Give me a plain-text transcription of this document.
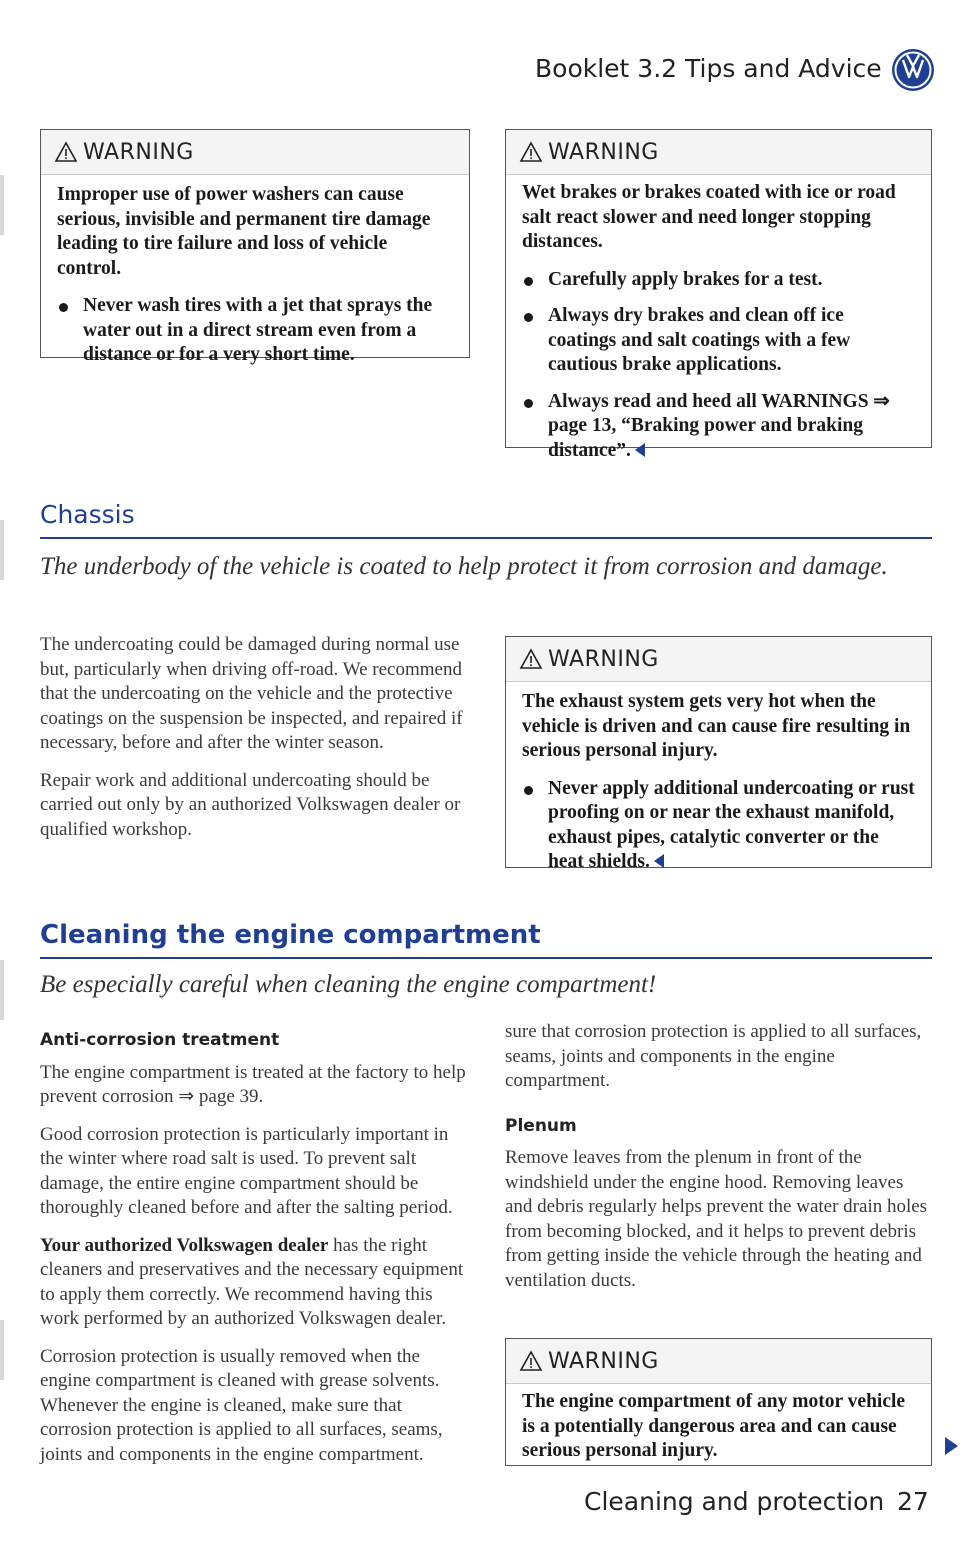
Booklet 3.2 Tips and Advice
WARNING

Improper use of power washers can cause serious, invisible and permanent tire damage leading to tire failure and loss of vehicle control.

Never wash tires with a jet that sprays the water out in a direct stream even from a distance or for a very short time.
WARNING

Wet brakes or brakes coated with ice or road salt react slower and need longer stopping distances.

Carefully apply brakes for a test.
Always dry brakes and clean off ice coatings and salt coatings with a few cautious brake applications.
Always read and heed all WARNINGS ⇒ page 13, “Braking power and braking distance”.
Chassis
The underbody of the vehicle is coated to help protect it from corrosion and damage.

The undercoating could be damaged during normal use but, particularly when driving off-road. We recommend that the undercoating on the vehicle and the protective coatings on the suspension be inspected, and repaired if necessary, before and after the winter season.

Repair work and additional undercoating should be carried out only by an authorized Volkswagen dealer or qualified workshop.

WARNING

The exhaust system gets very hot when the vehicle is driven and can cause fire resulting in serious personal injury.

Never apply additional undercoating or rust proofing on or near the exhaust manifold, exhaust pipes, catalytic converter or the heat shields.
Cleaning the engine compartment
Be especially careful when cleaning the engine compartment!
Anti-corrosion treatment

The engine compartment is treated at the factory to help prevent corrosion ⇒ page 39.

Good corrosion protection is particularly important in the winter where road salt is used. To prevent salt damage, the entire engine compartment should be thoroughly cleaned before and after the salting period.

Your authorized Volkswagen dealer has the right cleaners and preservatives and the necessary equipment to apply them correctly. We recommend having this work performed by an authorized Volkswagen dealer.

Corrosion protection is usually removed when the engine compartment is cleaned with grease solvents. Whenever the engine is cleaned, make sure that corrosion protection is applied to all surfaces, seams, joints and components in the engine compartment.

sure that corrosion protection is applied to all surfaces, seams, joints and components in the engine compartment.

Plenum

Remove leaves from the plenum in front of the windshield under the engine hood. Removing leaves and debris regularly helps prevent the water drain holes from becoming blocked, and it helps to prevent debris from getting inside the vehicle through the heating and ventilation ducts.

WARNING

The engine compartment of any motor vehicle is a potentially dangerous area and can cause serious personal injury.

Cleaning and protection 27
